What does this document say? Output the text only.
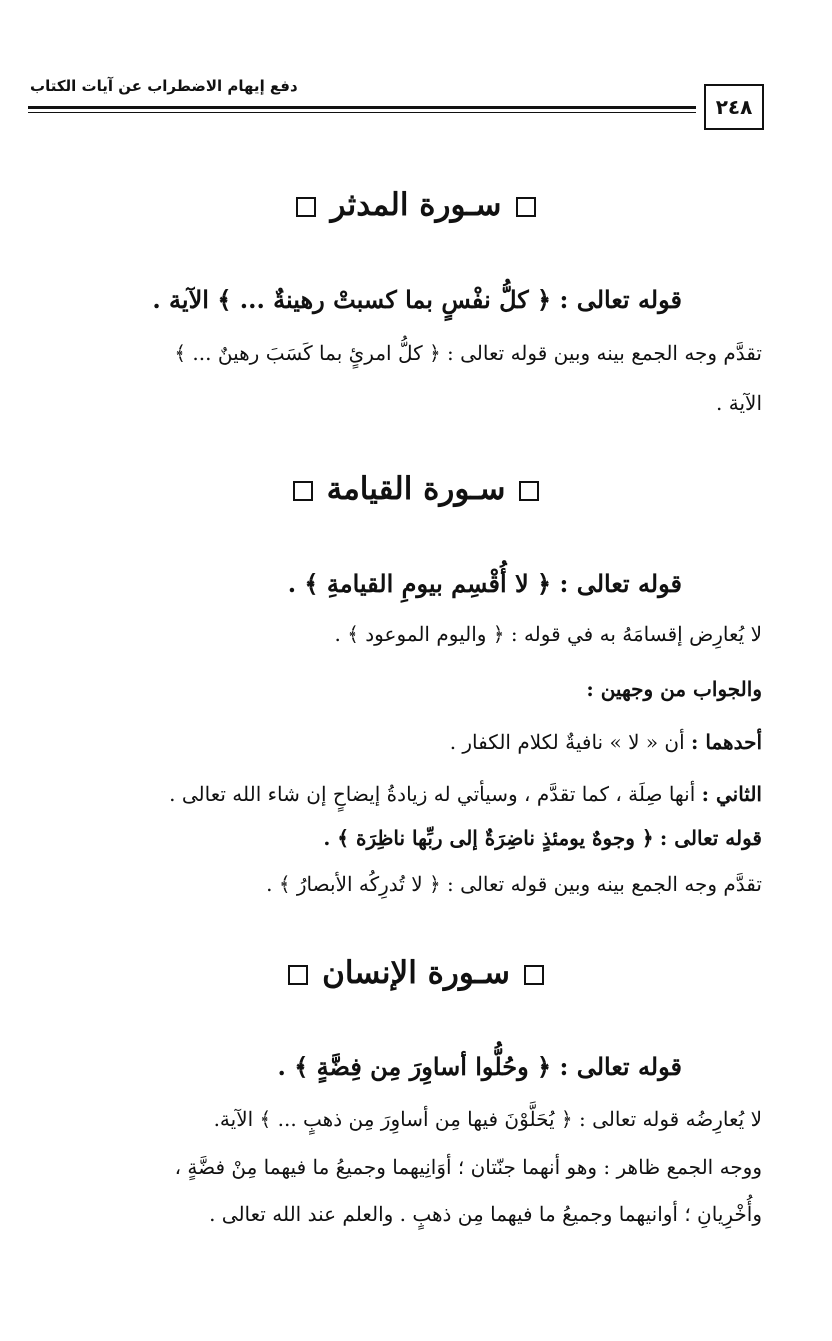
دفع إيهام الاضطراب عن آيات الكتاب
٢٤٨
سـورة المدثر
قوله تعالى : ﴿ كلُّ نفْسٍ بما كسبتْ رهينةٌ ... ﴾ الآية .
تقدَّم وجه الجمع بينه وبين قوله تعالى : ﴿ كلُّ امرئٍ بما كَسَبَ رهينٌ ... ﴾
الآية .
سـورة القيامة
قوله تعالى : ﴿ لا أُقْسِم بيومِ القيامةِ ﴾ .
لا يُعارِض إقسامَهُ به في قوله : ﴿ واليوم الموعود ﴾ .
والجواب من وجهين :
أحدهما : أن « لا » نافيةٌ لكلام الكفار .
الثاني : أنها صِلَة ، كما تقدَّم ، وسيأتي له زيادةُ إيضاحٍ إن شاء الله تعالى .
قوله تعالى : ﴿ وجوهٌ يومئذٍ ناضِرَةٌ إلى ربِّها ناظِرَة ﴾ .
تقدَّم وجه الجمع بينه وبين قوله تعالى : ﴿ لا تُدرِكُه الأبصارُ ﴾ .
سـورة الإنسان
قوله تعالى : ﴿ وحُلُّوا أساوِرَ مِن فِضَّةٍ ﴾ .
لا يُعارِضُه قوله تعالى : ﴿ يُحَلَّوْنَ فيها مِن أساوِرَ مِن ذهبٍ ... ﴾ الآية.
ووجه الجمع ظاهر : وهو أنهما جنّتان ؛ أوَانِيهما وجميعُ ما فيهما مِنْ فضَّةٍ ،
وأُخْرِيانِ ؛ أوانيهما وجميعُ ما فيهما مِن ذهبٍ . والعلم عند الله تعالى .
